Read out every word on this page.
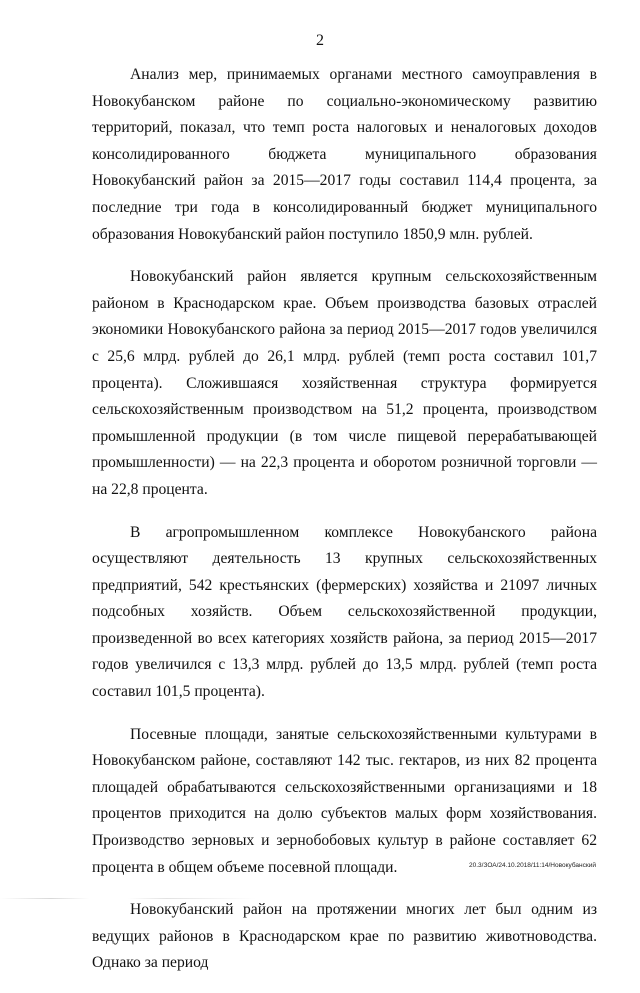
2

Анализ мер, принимаемых органами местного самоуправления в Новокубанском районе по социально-экономическому развитию территорий, показал, что темп роста налоговых и неналоговых доходов консолидированного бюджета муниципального образования Новокубанский район за 2015—2017 годы составил 114,4 процента, за последние три года в консолидированный бюджет муниципального образования Новокубанский район поступило 1850,9 млн. рублей.

Новокубанский район является крупным сельскохозяйственным районом в Краснодарском крае. Объем производства базовых отраслей экономики Новокубанского района за период 2015—2017 годов увеличился с 25,6 млрд. рублей до 26,1 млрд. рублей (темп роста составил 101,7 процента). Сложившаяся хозяйственная структура формируется сельскохозяйственным производством на 51,2 процента, производством промышленной продукции (в том числе пищевой перерабатывающей промышленности) — на 22,3 процента и оборотом розничной торговли — на 22,8 процента.

В агропромышленном комплексе Новокубанского района осуществляют деятельность 13 крупных сельскохозяйственных предприятий, 542 крестьянских (фермерских) хозяйства и 21097 личных подсобных хозяйств. Объем сельскохозяйственной продукции, произведенной во всех категориях хозяйств района, за период 2015—2017 годов увеличился с 13,3 млрд. рублей до 13,5 млрд. рублей (темп роста составил 101,5 процента).

Посевные площади, занятые сельскохозяйственными культурами в Новокубанском районе, составляют 142 тыс. гектаров, из них 82 процента площадей обрабатываются сельскохозяйственными организациями и 18 процентов приходится на долю субъектов малых форм хозяйствования. Производство зерновых и зернобобовых культур в районе составляет 62 процента в общем объеме посевной площади.

Новокубанский район на протяжении многих лет был одним из ведущих районов в Краснодарском крае по развитию животноводства. Однако за период

20.3/ЗОА/24.10.2018/11:14/Новокубанский
